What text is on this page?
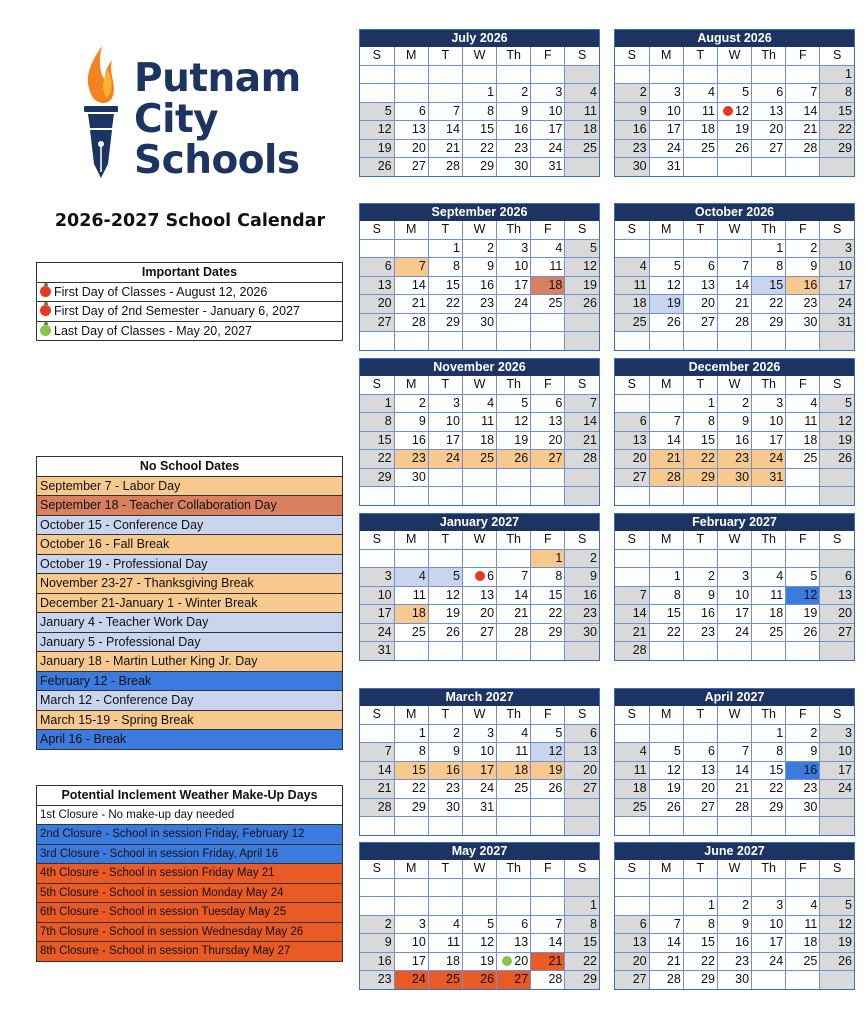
Putnam
City
Schools
2026-2027 School Calendar
Important Dates
First Day of Classes - August 12, 2026
First Day of 2nd Semester - January 6, 2027
Last Day of Classes - May 20, 2027
No School Dates
September 7 - Labor Day
September 18 - Teacher Collaboration Day
October 15 - Conference Day
October 16 - Fall Break
October 19 - Professional Day
November 23-27 - Thanksgiving Break
December 21-January 1 - Winter Break
January 4 - Teacher Work Day
January 5 - Professional Day
January 18 - Martin Luther King Jr. Day
February 12 - Break
March 12 - Conference Day
March 15-19 - Spring Break
April 16 - Break
Potential Inclement Weather Make-Up Days
1st Closure - No make-up day needed
2nd Closure - School in session Friday, February 12
3rd Closure - School in session Friday, April 16
4th Closure - School in session Friday May 21
5th Closure - School in session Monday May 24
6th Closure - School in session Tuesday May 25
7th Closure - School in session Wednesday May 26
8th Closure - School in session Thursday May 27
July 2026
S	M	T	W	Th	F	S

			1	2	3	4
5	6	7	8	9	10	11
12	13	14	15	16	17	18
19	20	21	22	23	24	25
26	27	28	29	30	31	
August 2026
S	M	T	W	Th	F	S
						1
2	3	4	5	6	7	8
9	10	11	12	13	14	15
16	17	18	19	20	21	22
23	24	25	26	27	28	29
30	31					
September 2026
S	M	T	W	Th	F	S
		1	2	3	4	5
6	7	8	9	10	11	12
13	14	15	16	17	18	19
20	21	22	23	24	25	26
27	28	29	30			

October 2026
S	M	T	W	Th	F	S
				1	2	3
4	5	6	7	8	9	10
11	12	13	14	15	16	17
18	19	20	21	22	23	24
25	26	27	28	29	30	31

November 2026
S	M	T	W	Th	F	S
1	2	3	4	5	6	7
8	9	10	11	12	13	14
15	16	17	18	19	20	21
22	23	24	25	26	27	28
29	30					

December 2026
S	M	T	W	Th	F	S
		1	2	3	4	5
6	7	8	9	10	11	12
13	14	15	16	17	18	19
20	21	22	23	24	25	26
27	28	29	30	31		

January 2027
S	M	T	W	Th	F	S
					1	2
3	4	5	6	7	8	9
10	11	12	13	14	15	16
17	18	19	20	21	22	23
24	25	26	27	28	29	30
31						
February 2027
S	M	T	W	Th	F	S

	1	2	3	4	5	6
7	8	9	10	11	12	13
14	15	16	17	18	19	20
21	22	23	24	25	26	27
28						
March 2027
S	M	T	W	Th	F	S
	1	2	3	4	5	6
7	8	9	10	11	12	13
14	15	16	17	18	19	20
21	22	23	24	25	26	27
28	29	30	31			

April 2027
S	M	T	W	Th	F	S
				1	2	3
4	5	6	7	8	9	10
11	12	13	14	15	16	17
18	19	20	21	22	23	24
25	26	27	28	29	30	

May 2027
S	M	T	W	Th	F	S

						1
2	3	4	5	6	7	8
9	10	11	12	13	14	15
16	17	18	19	20	21	22
23	24	25	26	27	28	29
June 2027
S	M	T	W	Th	F	S

		1	2	3	4	5
6	7	8	9	10	11	12
13	14	15	16	17	18	19
20	21	22	23	24	25	26
27	28	29	30			
